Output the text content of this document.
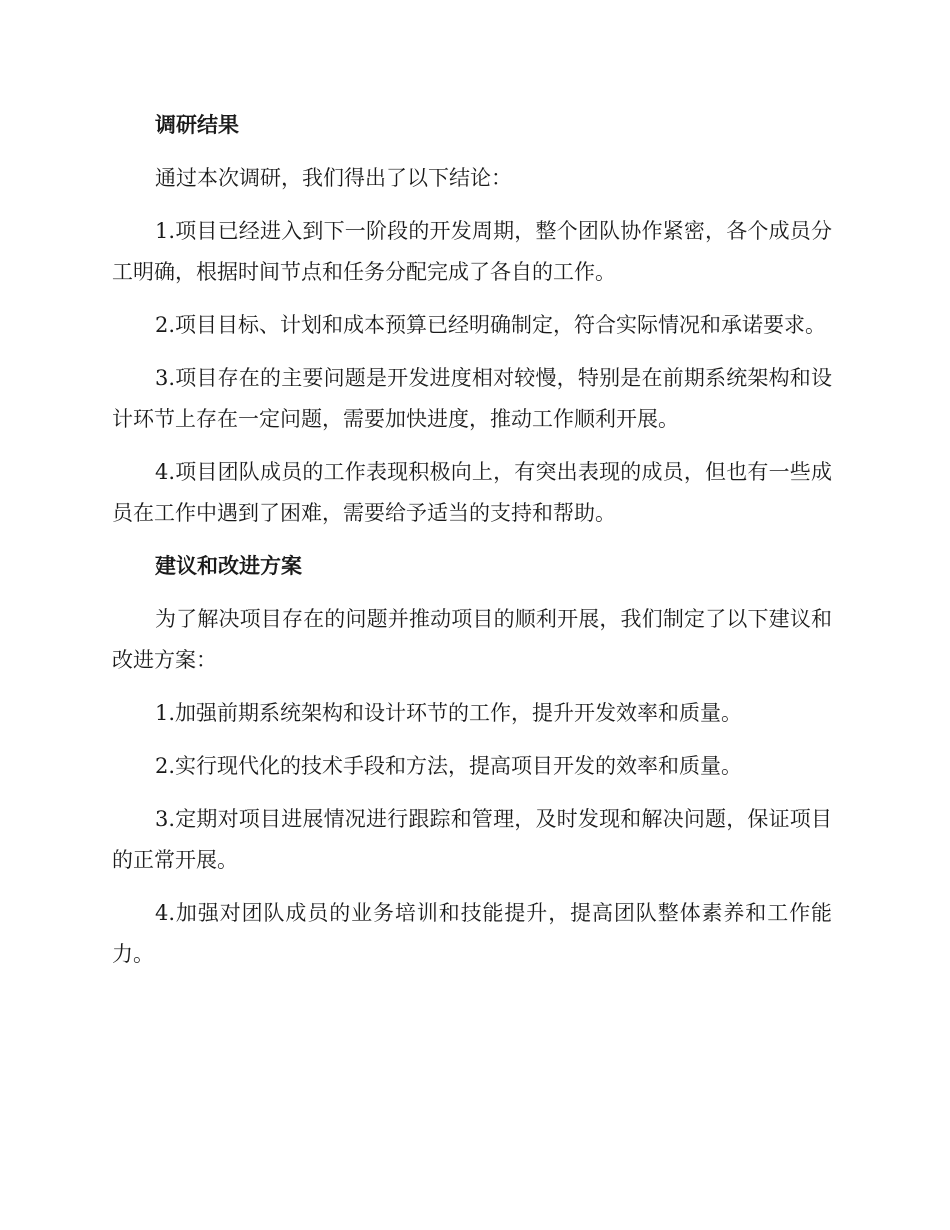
调研结果

通过本次调研，我们得出了以下结论：

1.项目已经进入到下一阶段的开发周期，整个团队协作紧密，各个成员分工明确，根据时间节点和任务分配完成了各自的工作。

2.项目目标、计划和成本预算已经明确制定，符合实际情况和承诺要求。

3.项目存在的主要问题是开发进度相对较慢，特别是在前期系统架构和设计环节上存在一定问题，需要加快进度，推动工作顺利开展。

4.项目团队成员的工作表现积极向上，有突出表现的成员，但也有一些成员在工作中遇到了困难，需要给予适当的支持和帮助。

建议和改进方案

为了解决项目存在的问题并推动项目的顺利开展，我们制定了以下建议和改进方案：

1.加强前期系统架构和设计环节的工作，提升开发效率和质量。

2.实行现代化的技术手段和方法，提高项目开发的效率和质量。

3.定期对项目进展情况进行跟踪和管理，及时发现和解决问题，保证项目的正常开展。

4.加强对团队成员的业务培训和技能提升，提高团队整体素养和工作能力。
